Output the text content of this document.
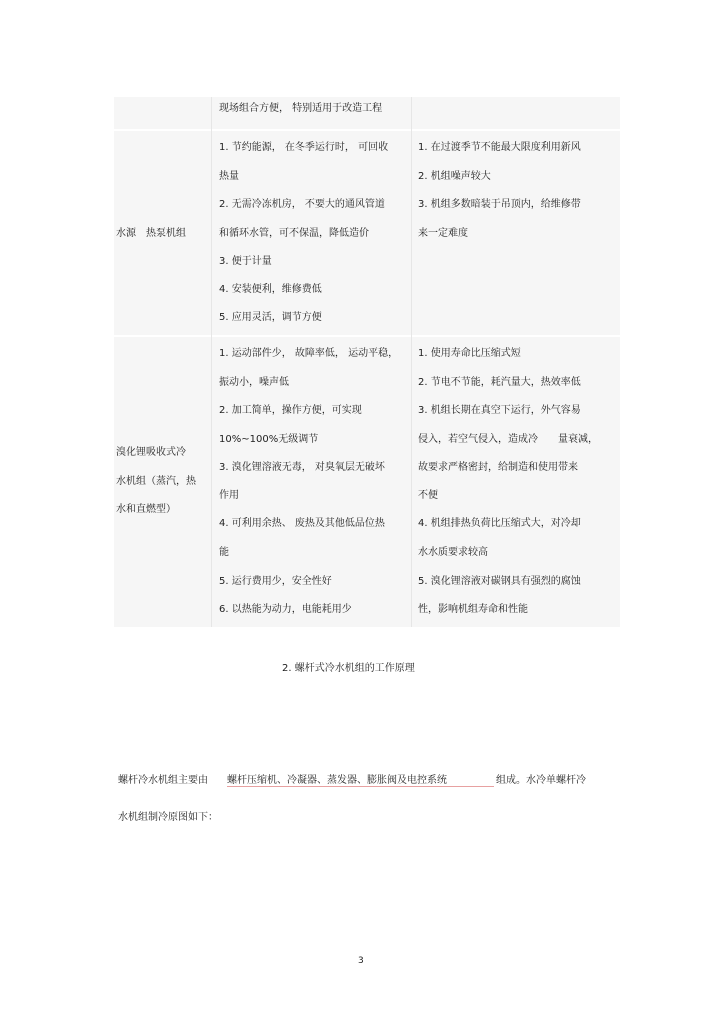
现场组合方便， 特别适用于改造工程
水源　热泵机组
1. 节约能源， 在冬季运行时， 可回收
热量
2. 无需冷冻机房， 不要大的通风管道
和循环水管，可不保温，降低造价
3. 便于计量
4. 安装便利，维修费低
5. 应用灵活，调节方便
1. 在过渡季节不能最大限度利用新风
2. 机组噪声较大
3. 机组多数暗装于吊顶内，给维修带
来一定难度
溴化锂吸收式冷
水机组（蒸汽，热
水和直燃型）
1. 运动部件少， 故障率低， 运动平稳，
振动小，噪声低
2. 加工简单，操作方便，可实现
10%~100%无级调节
3. 溴化锂溶液无毒， 对臭氧层无破坏
作用
4. 可利用余热、 废热及其他低品位热
能
5. 运行费用少，安全性好
6. 以热能为动力，电能耗用少
1. 使用寿命比压缩式短
2. 节电不节能，耗汽量大，热效率低
3. 机组长期在真空下运行，外气容易
侵入，若空气侵入，造成冷　　量衰减，
故要求严格密封，给制造和使用带来
不便
4. 机组排热负荷比压缩式大，对冷却
水水质要求较高
5. 溴化锂溶液对碳钢具有强烈的腐蚀
性，影响机组寿命和性能
2. 螺杆式冷水机组的工作原理
螺杆冷水机组主要由 螺杆压缩机、冷凝器、蒸发器、膨胀阀及电控系统	组成。水冷单螺杆冷
水机组制冷原图如下：
3
